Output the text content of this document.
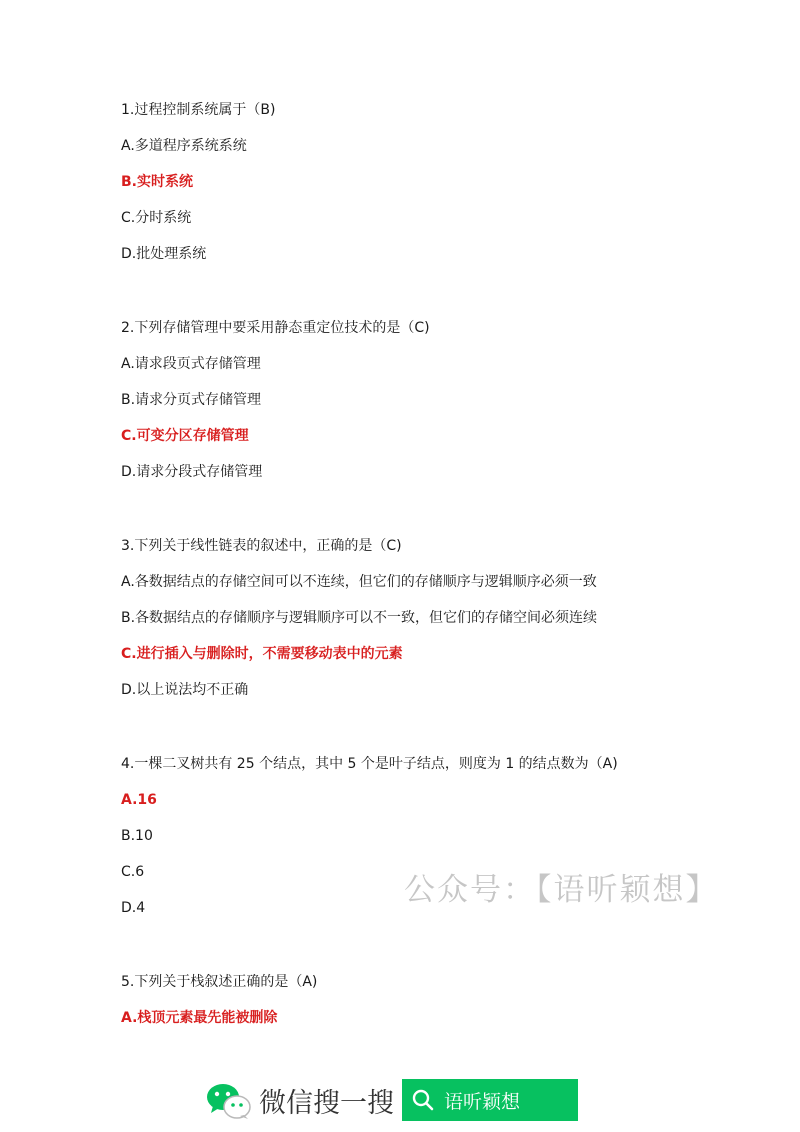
1.过程控制系统属于（B)
A.多道程序系统系统
B.实时系统
C.分时系统
D.批处理系统
2.下列存储管理中要采用静态重定位技术的是（C)
A.请求段页式存储管理
B.请求分页式存储管理
C.可变分区存储管理
D.请求分段式存储管理
3.下列关于线性链表的叙述中，正确的是（C)
A.各数据结点的存储空间可以不连续，但它们的存储顺序与逻辑顺序必须一致
B.各数据结点的存储顺序与逻辑顺序可以不一致，但它们的存储空间必须连续
C.进行插入与删除时，不需要移动表中的元素
D.以上说法均不正确
4.一棵二叉树共有 25 个结点，其中 5 个是叶子结点，则度为 1 的结点数为（A)
A.16
B.10
C.6
D.4	公众号：【语听颖想】
5.下列关于栈叙述正确的是（A)
A.栈顶元素最先能被删除
微信搜一搜	语听颖想
